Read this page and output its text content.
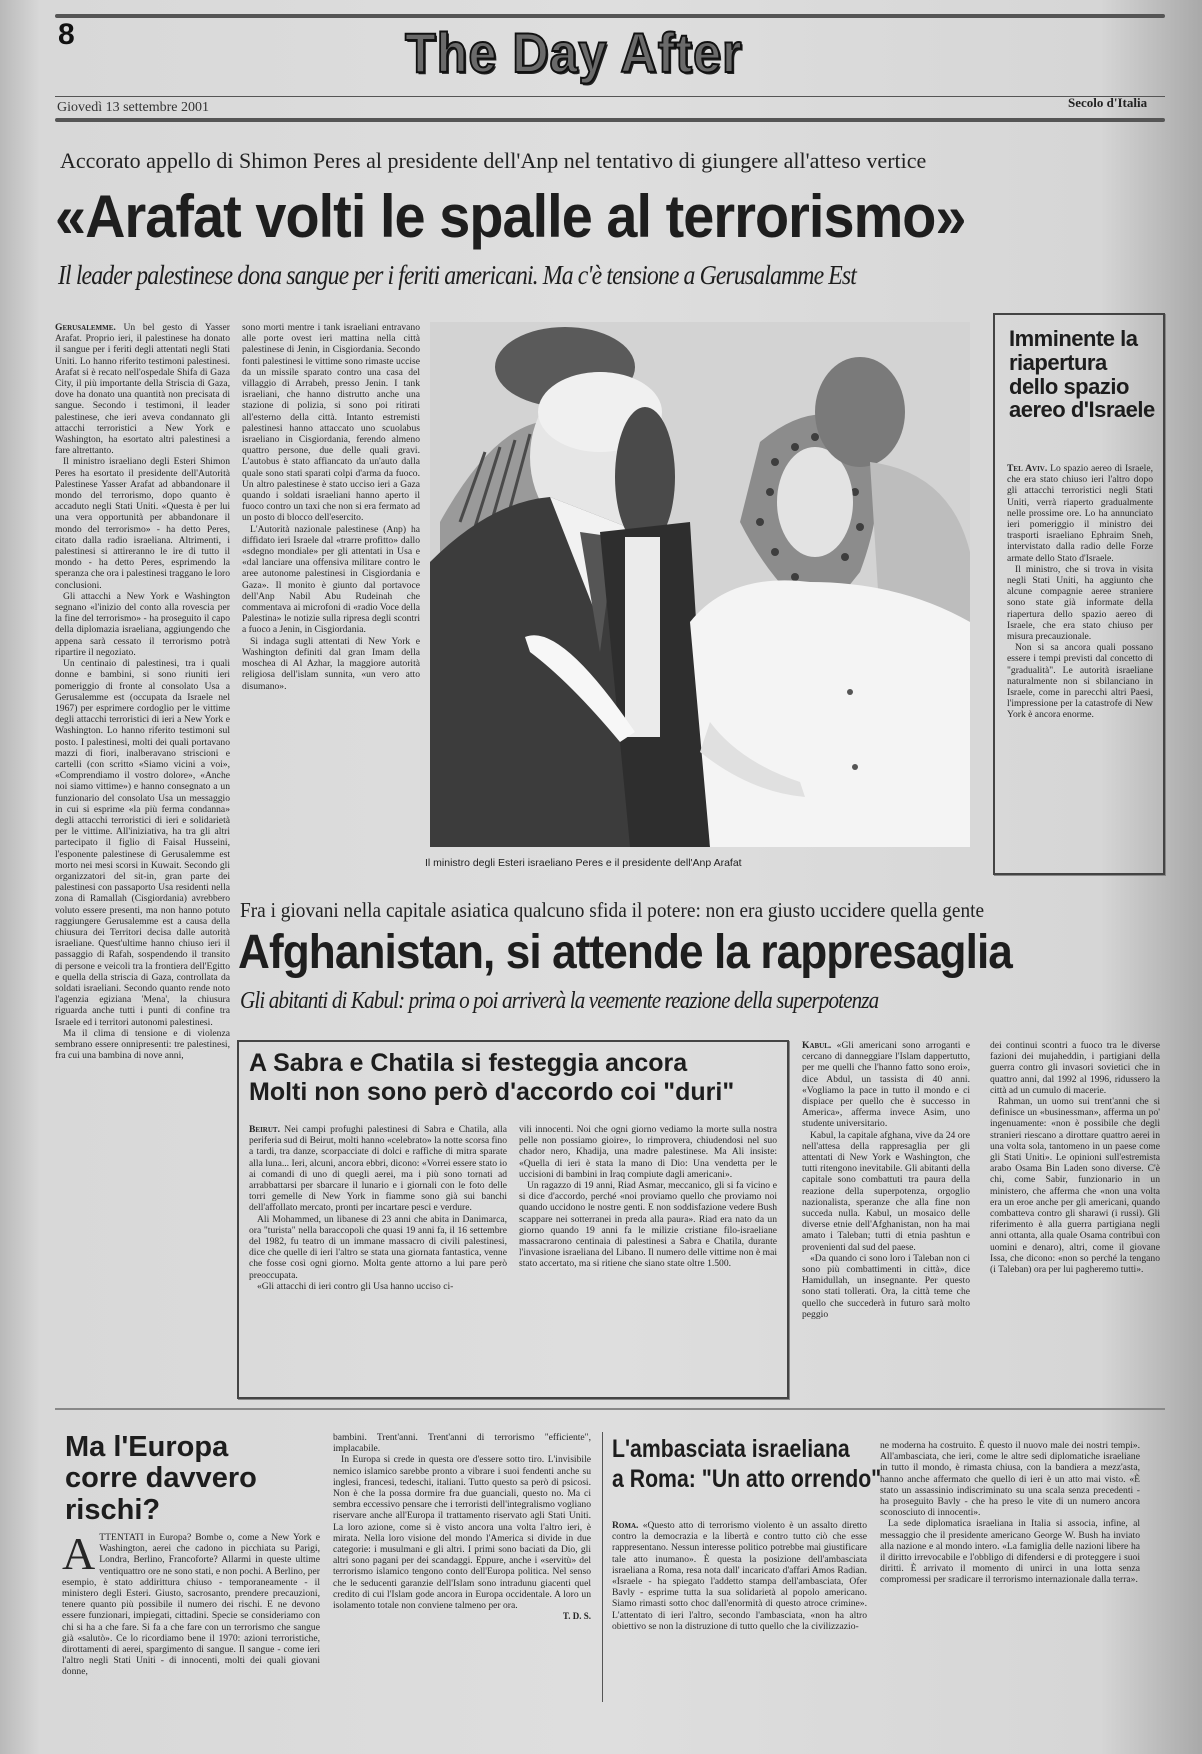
8	The Day After
Giovedì 13 settembre 2001	Secolo d'Italia
Accorato appello di Shimon Peres al presidente dell'Anp nel tentativo di giungere all'atteso vertice
«Arafat volti le spalle al terrorismo»
Il leader palestinese dona sangue per i feriti americani. Ma c'è tensione a Gerusalamme Est

Gerusalemme. Un bel gesto di Yasser Arafat. Proprio ieri, il palestinese ha donato il sangue per i feriti degli attentati negli Stati Uniti. Lo hanno riferito testimoni palestinesi. Arafat si è recato nell'ospedale Shifa di Gaza City, il più importante della Striscia di Gaza, dove ha donato una quantità non precisata di sangue. Secondo i testimoni, il leader palestinese, che ieri aveva condannato gli attacchi terroristici a New York e Washington, ha esortato altri palestinesi a fare altrettanto.

Il ministro israeliano degli Esteri Shimon Peres ha esortato il presidente dell'Autorità Palestinese Yasser Arafat ad abbandonare il mondo del terrorismo, dopo quanto è accaduto negli Stati Uniti. «Questa è per lui una vera opportunità per abbandonare il mondo del terrorismo» - ha detto Peres, citato dalla radio israeliana. Altrimenti, i palestinesi si attireranno le ire di tutto il mondo - ha detto Peres, esprimendo la speranza che ora i palestinesi traggano le loro conclusioni.

Gli attacchi a New York e Washington segnano «l'inizio del conto alla rovescia per la fine del terrorismo» - ha proseguito il capo della diplomazia israeliana, aggiungendo che appena sarà cessato il terrorismo potrà ripartire il negoziato.

Un centinaio di palestinesi, tra i quali donne e bambini, si sono riuniti ieri pomeriggio di fronte al consolato Usa a Gerusalemme est (occupata da Israele nel 1967) per esprimere cordoglio per le vittime degli attacchi terroristici di ieri a New York e Washington. Lo hanno riferito testimoni sul posto. I palestinesi, molti dei quali portavano mazzi di fiori, inalberavano striscioni e cartelli (con scritto «Siamo vicini a voi», «Comprendiamo il vostro dolore», «Anche noi siamo vittime») e hanno consegnato a un funzionario del consolato Usa un messaggio in cui si esprime «la più ferma condanna» degli attacchi terroristici di ieri e solidarietà per le vittime. All'iniziativa, ha tra gli altri partecipato il figlio di Faisal Husseini, l'esponente palestinese di Gerusalemme est morto nei mesi scorsi in Kuwait. Secondo gli organizzatori del sit-in, gran parte dei palestinesi con passaporto Usa residenti nella zona di Ramallah (Cisgiordania) avrebbero voluto essere presenti, ma non hanno potuto raggiungere Gerusalemme est a causa della chiusura dei Territori decisa dalle autorità israeliane. Quest'ultime hanno chiuso ieri il passaggio di Rafah, sospendendo il transito di persone e veicoli tra la frontiera dell'Egitto e quella della striscia di Gaza, controllata da soldati israeliani. Secondo quanto rende noto l'agenzia egiziana 'Mena', la chiusura riguarda anche tutti i punti di confine tra Israele ed i territori autonomi palestinesi.

Ma il clima di tensione e di violenza sembrano essere onnipresenti: tre palestinesi, fra cui una bambina di nove anni,

sono morti mentre i tank israeliani entravano alle porte ovest ieri mattina nella città palestinese di Jenin, in Cisgiordania. Secondo fonti palestinesi le vittime sono rimaste uccise da un missile sparato contro una casa del villaggio di Arrabeh, presso Jenin. I tank israeliani, che hanno distrutto anche una stazione di polizia, si sono poi ritirati all'esterno della città. Intanto estremisti palestinesi hanno attaccato uno scuolabus israeliano in Cisgiordania, ferendo almeno quattro persone, due delle quali gravi. L'autobus è stato affiancato da un'auto dalla quale sono stati sparati colpi d'arma da fuoco. Un altro palestinese è stato ucciso ieri a Gaza quando i soldati israeliani hanno aperto il fuoco contro un taxi che non si era fermato ad un posto di blocco dell'esercito.

L'Autorità nazionale palestinese (Anp) ha diffidato ieri Israele dal «trarre profitto» dallo «sdegno mondiale» per gli attentati in Usa e «dal lanciare una offensiva militare contro le aree autonome palestinesi in Cisgiordania e Gaza». Il monito è giunto dal portavoce dell'Anp Nabil Abu Rudeinah che commentava ai microfoni di «radio Voce della Palestina» le notizie sulla ripresa degli scontri a fuoco a Jenin, in Cisgiordania.

Si indaga sugli attentati di New York e Washington definiti dal gran Imam della moschea di Al Azhar, la maggiore autorità religiosa dell'islam sunnita, «un vero atto disumano».

Il ministro degli Esteri israeliano Peres e il presidente dell'Anp Arafat
Imminente la riapertura dello spazio aereo d'Israele

Tel Aviv. Lo spazio aereo di Israele, che era stato chiuso ieri l'altro dopo gli attacchi terroristici negli Stati Uniti, verrà riaperto gradualmente nelle prossime ore. Lo ha annunciato ieri pomeriggio il ministro dei trasporti israeliano Ephraim Sneh, intervistato dalla radio delle Forze armate dello Stato d'Israele.

Il ministro, che si trova in visita negli Stati Uniti, ha aggiunto che alcune compagnie aeree straniere sono state già informate della riapertura dello spazio aereo di Israele, che era stato chiuso per misura precauzionale.

Non si sa ancora quali possano essere i tempi previsti dal concetto di "gradualità". Le autorità israeliane naturalmente non si sbilanciano in Israele, come in parecchi altri Paesi, l'impressione per la catastrofe di New York è ancora enorme.

Fra i giovani nella capitale asiatica qualcuno sfida il potere: non era giusto uccidere quella gente
Afghanistan, si attende la rappresaglia
Gli abitanti di Kabul: prima o poi arriverà la veemente reazione della superpotenza

Kabul. «Gli americani sono arroganti e cercano di danneggiare l'Islam dappertutto, per me quelli che l'hanno fatto sono eroi», dice Abdul, un tassista di 40 anni. «Vogliamo la pace in tutto il mondo e ci dispiace per quello che è successo in America», afferma invece Asim, uno studente universitario.

Kabul, la capitale afghana, vive da 24 ore nell'attesa della rappresaglia per gli attentati di New York e Washington, che tutti ritengono inevitabile. Gli abitanti della capitale sono combattuti tra paura della reazione della superpotenza, orgoglio nazionalista, speranze che alla fine non succeda nulla. Kabul, un mosaico delle diverse etnie dell'Afghanistan, non ha mai amato i Taleban; tutti di etnia pashtun e provenienti dal sud del paese.

«Da quando ci sono loro i Taleban non ci sono più combattimenti in città», dice Hamidullah, un insegnante. Per questo sono stati tollerati. Ora, la città teme che quello che succederà in futuro sarà molto peggio

dei continui scontri a fuoco tra le diverse fazioni dei mujaheddin, i partigiani della guerra contro gli invasori sovietici che in quattro anni, dal 1992 al 1996, ridussero la città ad un cumulo di macerie.

Rahman, un uomo sui trent'anni che si definisce un «businessman», afferma un po' ingenuamente: «non è possibile che degli stranieri riescano a dirottare quattro aerei in una volta sola, tantomeno in un paese come gli Stati Uniti». Le opinioni sull'estremista arabo Osama Bin Laden sono diverse. C'è chi, come Sabir, funzionario in un ministero, che afferma che «non una volta era un eroe anche per gli americani, quando combatteva contro gli sharawi (i russi). Gli riferimento è alla guerra partigiana negli anni ottanta, alla quale Osama contribuì con uomini e denaro), altri, come il giovane Issa, che dicono: «non so perché la tengano (i Taleban) ora per lui pagheremo tutti».

A Sabra e Chatila si festeggia ancora
Molti non sono però d'accordo coi "duri"

Beirut. Nei campi profughi palestinesi di Sabra e Chatila, alla periferia sud di Beirut, molti hanno «celebrato» la notte scorsa fino a tardi, tra danze, scorpacciate di dolci e raffiche di mitra sparate alla luna... Ieri, alcuni, ancora ebbri, dicono: «Vorrei essere stato io ai comandi di uno di quegli aerei, ma i più sono tornati ad arrabbattarsi per sbarcare il lunario e i giornali con le foto delle torri gemelle di New York in fiamme sono già sui banchi dell'affollato mercato, pronti per incartare pesci e verdure.

Ali Mohammed, un libanese di 23 anni che abita in Danimarca, ora "turista" nella baraccopoli che quasi 19 anni fa, il 16 settembre del 1982, fu teatro di un immane massacro di civili palestinesi, dice che quelle di ieri l'altro se stata una giornata fantastica, venne che fosse così ogni giorno. Molta gente attorno a lui pare però preoccupata.

«Gli attacchi di ieri contro gli Usa hanno ucciso ci-

vili innocenti. Noi che ogni giorno vediamo la morte sulla nostra pelle non possiamo gioire», lo rimprovera, chiudendosi nel suo chador nero, Khadija, una madre palestinese. Ma Ali insiste: «Quella di ieri è stata la mano di Dio: Una vendetta per le uccisioni di bambini in Iraq compiute dagli americani».

Un ragazzo di 19 anni, Riad Asmar, meccanico, gli si fa vicino e si dice d'accordo, perché «noi proviamo quello che proviamo noi quando uccidono le nostre genti. E non soddisfazione vedere Bush scappare nei sotterranei in preda alla paura». Riad era nato da un giorno quando 19 anni fa le milizie cristiane filo-israeliane massacrarono centinaia di palestinesi a Sabra e Chatila, durante l'invasione israeliana del Libano. Il numero delle vittime non è mai stato accertato, ma si ritiene che siano state oltre 1.500.

Ma l'Europa corre davvero rischi?

ATTENTATI in Europa? Bombe o, come a New York e Washington, aerei che cadono in picchiata su Parigi, Londra, Berlino, Francoforte? Allarmi in queste ultime ventiquattro ore ne sono stati, e non pochi. A Berlino, per esempio, è stato addirittura chiuso - temporaneamente - il ministero degli Esteri. Giusto, sacrosanto, prendere precauzioni, tenere quanto più possibile il numero dei rischi. E ne devono essere funzionari, impiegati, cittadini. Specie se consideriamo con chi si ha a che fare. Si fa a che fare con un terrorismo che sangue già «salutò». Ce lo ricordiamo bene il 1970: azioni terroristiche, dirottamenti di aerei, spargimento di sangue. Il sangue - come ieri l'altro negli Stati Uniti - di innocenti, molti dei quali giovani donne,

bambini. Trent'anni. Trent'anni di terrorismo "efficiente", implacabile.

In Europa si crede in questa ore d'essere sotto tiro. L'invisibile nemico islamico sarebbe pronto a vibrare i suoi fendenti anche su inglesi, francesi, tedeschi, italiani. Tutto questo sa però di psicosi. Non è che la possa dormire fra due guanciali, questo no. Ma ci sembra eccessivo pensare che i terroristi dell'integralismo vogliano riservare anche all'Europa il trattamento riservato agli Stati Uniti. La loro azione, come si è visto ancora una volta l'altro ieri, è mirata. Nella loro visione del mondo l'America si divide in due categorie: i musulmani e gli altri. I primi sono baciati da Dio, gli altri sono pagani per dei scandaggi. Eppure, anche i «servitù» del terrorismo islamico tengono conto dell'Europa politica. Nel senso che le seducenti garanzie dell'Islam sono intradunu giacenti quel credito di cui l'Islam gode ancora in Europa occidentale. A loro un isolamento totale non conviene talmeno per ora.

T. D. S.
L'ambasciata israeliana
a Roma: "Un atto orrendo"

Roma. «Questo atto di terrorismo violento è un assalto diretto contro la democrazia e la libertà e contro tutto ciò che esse rappresentano. Nessun interesse politico potrebbe mai giustificare tale atto inumano». È questa la posizione dell'ambasciata israeliana a Roma, resa nota dall' incaricato d'affari Amos Radian. «Israele - ha spiegato l'addetto stampa dell'ambasciata, Ofer Bavly - esprime tutta la sua solidarietà al popolo americano. Siamo rimasti sotto choc dall'enormità di questo atroce crimine». L'attentato di ieri l'altro, secondo l'ambasciata, «non ha altro obiettivo se non la distruzione di tutto quello che la civilizzazio-

ne moderna ha costruito. È questo il nuovo male dei nostri tempi». All'ambasciata, che ieri, come le altre sedi diplomatiche israeliane in tutto il mondo, è rimasta chiusa, con la bandiera a mezz'asta, hanno anche affermato che quello di ieri è un atto mai visto. «È stato un assassinio indiscriminato su una scala senza precedenti - ha proseguito Bavly - che ha preso le vite di un numero ancora sconosciuto di innocenti».

La sede diplomatica israeliana in Italia si associa, infine, al messaggio che il presidente americano George W. Bush ha inviato alla nazione e al mondo intero. «La famiglia delle nazioni libere ha il diritto irrevocabile e l'obbligo di difendersi e di proteggere i suoi diritti. È arrivato il momento di unirci in una lotta senza compromessi per sradicare il terrorismo internazionale dalla terra».
